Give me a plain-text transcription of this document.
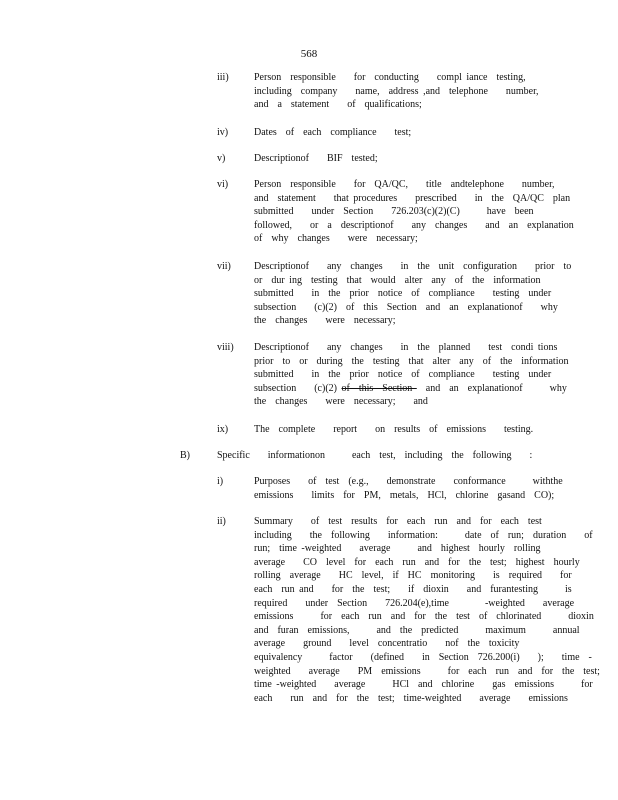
568
iii)	Person  responsible    for  conducting    compl iance  testing,
including  company    name,  address ,and  telephone    number,
and  a  statement    of  qualifications;
iv)	Dates  of  each  compliance    test;
v)	Descriptionof    BIF  tested;
vi)	Person  responsible    for  QA/QC,    title  andtelephone    number,
and  statement    that procedures    prescribed    in  the  QA/QC  plan
submitted    under  Section    726.203(c)(2)(C)      have  been
followed,    or  a  descriptionof    any  changes    and  an  explanation
of  why  changes    were  necessary;
vii) Descriptionof    any  changes    in  the  unit  configuration    prior  to
or  dur ing  testing  that  would  alter  any  of  the  information
submitted    in  the  prior  notice  of  compliance    testing  under
subsection    (c)(2)  of  this  Section  and  an  explanationof    why
the  changes    were  necessary;
viii) Descriptionof    any  changes    in  the  planned    test  condi tions
prior  to  or  during  the  testing  that  alter  any  of  the  information
submitted    in  the  prior  notice  of  compliance    testing  under
subsection    (c)(2) of  this  Section   and  an  explanationof      why
the  changes    were  necessary;    and
ix)	The  complete    report    on  results  of  emissions    testing.
B)	Specific    informationon      each  test,  including  the  following    :
i)	Purposes    of  test  (e.g.,    demonstrate    conformance      withthe
emissions    limits  for  PM,  metals,  HCl,  chlorine  gasand  CO);
ii)	Summary    of  test  results  for  each  run  and  for  each  test
including    the  following    information:      date  of  run;  duration    of
run;  time -weighted    average      and  highest  hourly  rolling
average    CO  level  for  each  run  and  for  the  test;  highest  hourly
rolling  average    HC  level,  if  HC  monitoring    is  required    for
each  run and    for  the  test;    if  dioxin    and  furantesting      is
required    under  Section    726.204(e),time        -weighted    average
emissions      for  each  run  and  for  the  test  of  chlorinated      dioxin
and  furan  emissions,      and  the  predicted      maximum      annual
average    ground    level  concentratio    nof  the  toxicity
equivalency      factor    (defined    in  Section  726.200(i)    );    time  -
weighted    average    PM  emissions      for  each  run  and  for  the  test;
time -weighted    average      HCl  and  chlorine    gas  emissions      for
each    run  and  for  the  test;  time-weighted    average    emissions
